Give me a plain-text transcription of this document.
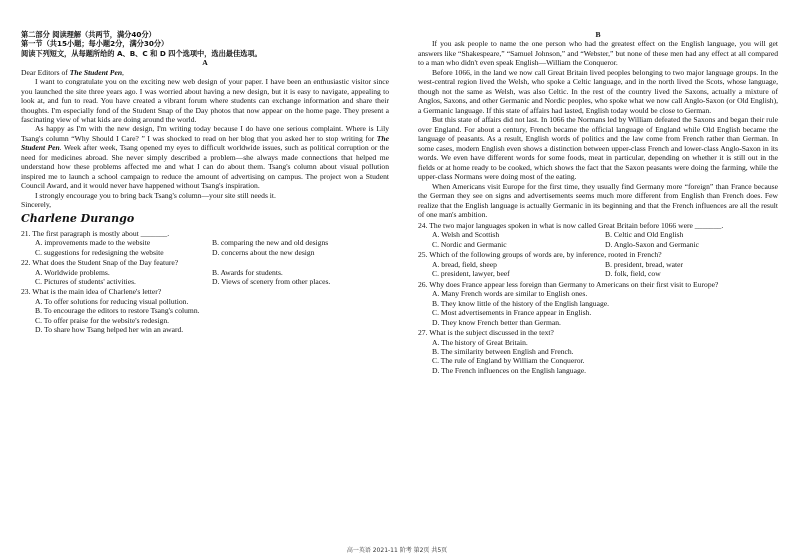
第二部分 阅读理解（共两节，满分40分）

第一节（共15小题；每小题2分，满分30分）

阅读下列短文，从每题所给的 A、B、C 和 D 四个选项中，选出最佳选项。

A

Dear Editors of The Student Pen,

I want to congratulate you on the exciting new web design of your paper. I have been an enthusiastic visitor since you launched the site three years ago. I was worried about having a new design, but it is easy to navigate, appealing to look at, and fun to read. You have created a vibrant forum where students can exchange information and share their thoughts. I'm especially fond of the Student Snap of the Day photos that now appear on the home page. They present a fascinating view of what kids are doing around the world.

As happy as I'm with the new design, I'm writing today because I do have one serious complaint. Where is Lily Tsang's column “Why Should I Care? ” I was shocked to read on her blog that you asked her to stop writing for The Student Pen. Week after week, Tsang opened my eyes to difficult worldwide issues, such as political corruption or the need for medicines abroad. She never simply described a problem—she always made connections that helped me understand how these problems affected me and what I can do about them. Tsang's column about visual pollution inspired me to launch a school campaign to reduce the amount of advertising on campus. The project won a Student Council Award, and it would never have happened without Tsang's inspiration.

I strongly encourage you to bring back Tsang's column—your site still needs it.

Sincerely,

Charlene Durango

21. The first paragraph is mostly about _______.

A. improvements made to the website	B. comparing the new and old designs
C. suggestions for redesigning the website	D. concerns about the new design

22. What does the Student Snap of the Day feature?

A. Worldwide problems.	B. Awards for students.
C. Pictures of students' activities.	D. Views of scenery from other places.

23. What is the main idea of Charlene's letter?

A. To offer solutions for reducing visual pollution.

B. To encourage the editors to restore Tsang's column.

C. To offer praise for the website's redesign.

D. To share how Tsang helped her win an award.

B

If you ask people to name the one person who had the greatest effect on the English language, you will get answers like “Shakespeare,” “Samuel Johnson,” and “Webster,” but none of these men had any effect at all compared to a man who didn't even speak English—William the Conqueror.

Before 1066, in the land we now call Great Britain lived peoples belonging to two major language groups. In the west-central region lived the Welsh, who spoke a Celtic language, and in the north lived the Scots, whose language, though not the same as Welsh, was also Celtic. In the rest of the country lived the Saxons, actually a mixture of Anglos, Saxons, and other Germanic and Nordic peoples, who spoke what we now call Anglo-Saxon (or Old English), a Germanic language. If this state of affairs had lasted, English today would be close to German.

But this state of affairs did not last. In 1066 the Normans led by William defeated the Saxons and began their rule over England. For about a century, French became the official language of England while Old English became the language of peasants. As a result, English words of politics and the law come from French rather than German. In some cases, modern English even shows a distinction between upper-class French and lower-class Anglo-Saxon in its words. We even have different words for some foods, meat in particular, depending on whether it is still out in the fields or at home ready to be cooked, which shows the fact that the Saxon peasants were doing the farming, while the upper-class Normans were doing most of the eating.

When Americans visit Europe for the first time, they usually find Germany more “foreign” than France because the German they see on signs and advertisements seems much more different from English than French does. Few realize that the English language is actually Germanic in its beginning and that the French influences are all the result of one man's ambition.

24. The two major languages spoken in what is now called Great Britain before 1066 were _______.

A. Welsh and Scottish	B. Celtic and Old English
C. Nordic and Germanic	D. Anglo-Saxon and Germanic

25. Which of the following groups of words are, by inference, rooted in French?

A. bread, field, sheep	B. president, bread, water
C. president, lawyer, beef	D. folk, field, cow

26. Why does France appear less foreign than Germany to Americans on their first visit to Europe?

A. Many French words are similar to English ones.

B. They know little of the history of the English language.

C. Most advertisements in France appear in English.

D. They know French better than German.

27. What is the subject discussed in the text?

A. The history of Great Britain.

B. The similarity between English and French.

C. The rule of England by William the Conqueror.

D. The French influences on the English language.

高一英语 2021-11 阶考 第2页 共5页
